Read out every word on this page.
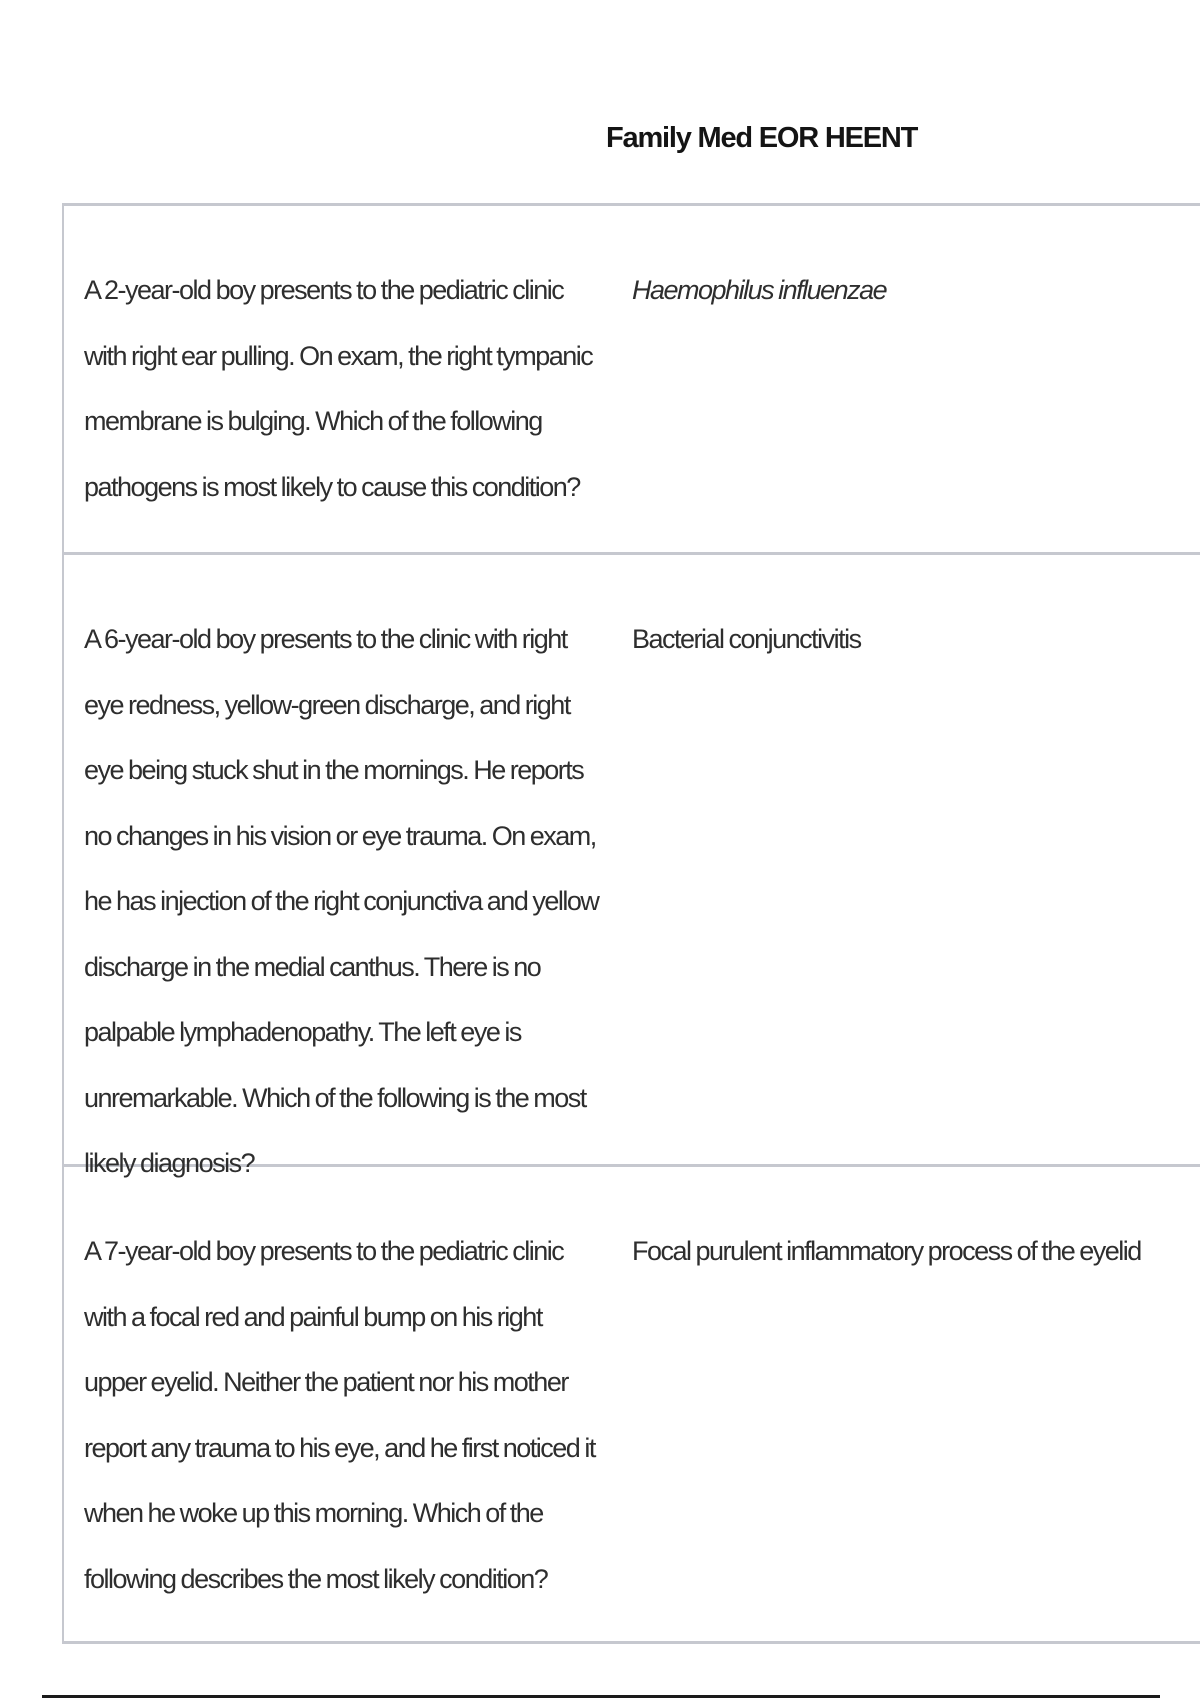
Family Med EOR HEENT
A 2-year-old boy presents to the pediatric clinic with right ear pulling. On exam, the right tympanic membrane is bulging. Which of the following pathogens is most likely to cause this condition?
Haemophilus influenzae
A 6-year-old boy presents to the clinic with right eye redness, yellow-green discharge, and right eye being stuck shut in the mornings. He reports no changes in his vision or eye trauma. On exam, he has injection of the right conjunctiva and yellow discharge in the medial canthus. There is no palpable lymphadenopathy. The left eye is unremarkable. Which of the following is the most likely diagnosis?
Bacterial conjunctivitis
A 7-year-old boy presents to the pediatric clinic with a focal red and painful bump on his right upper eyelid. Neither the patient nor his mother report any trauma to his eye, and he first noticed it when he woke up this morning. Which of the following describes the most likely condition?
Focal purulent inflammatory process of the eyelid
